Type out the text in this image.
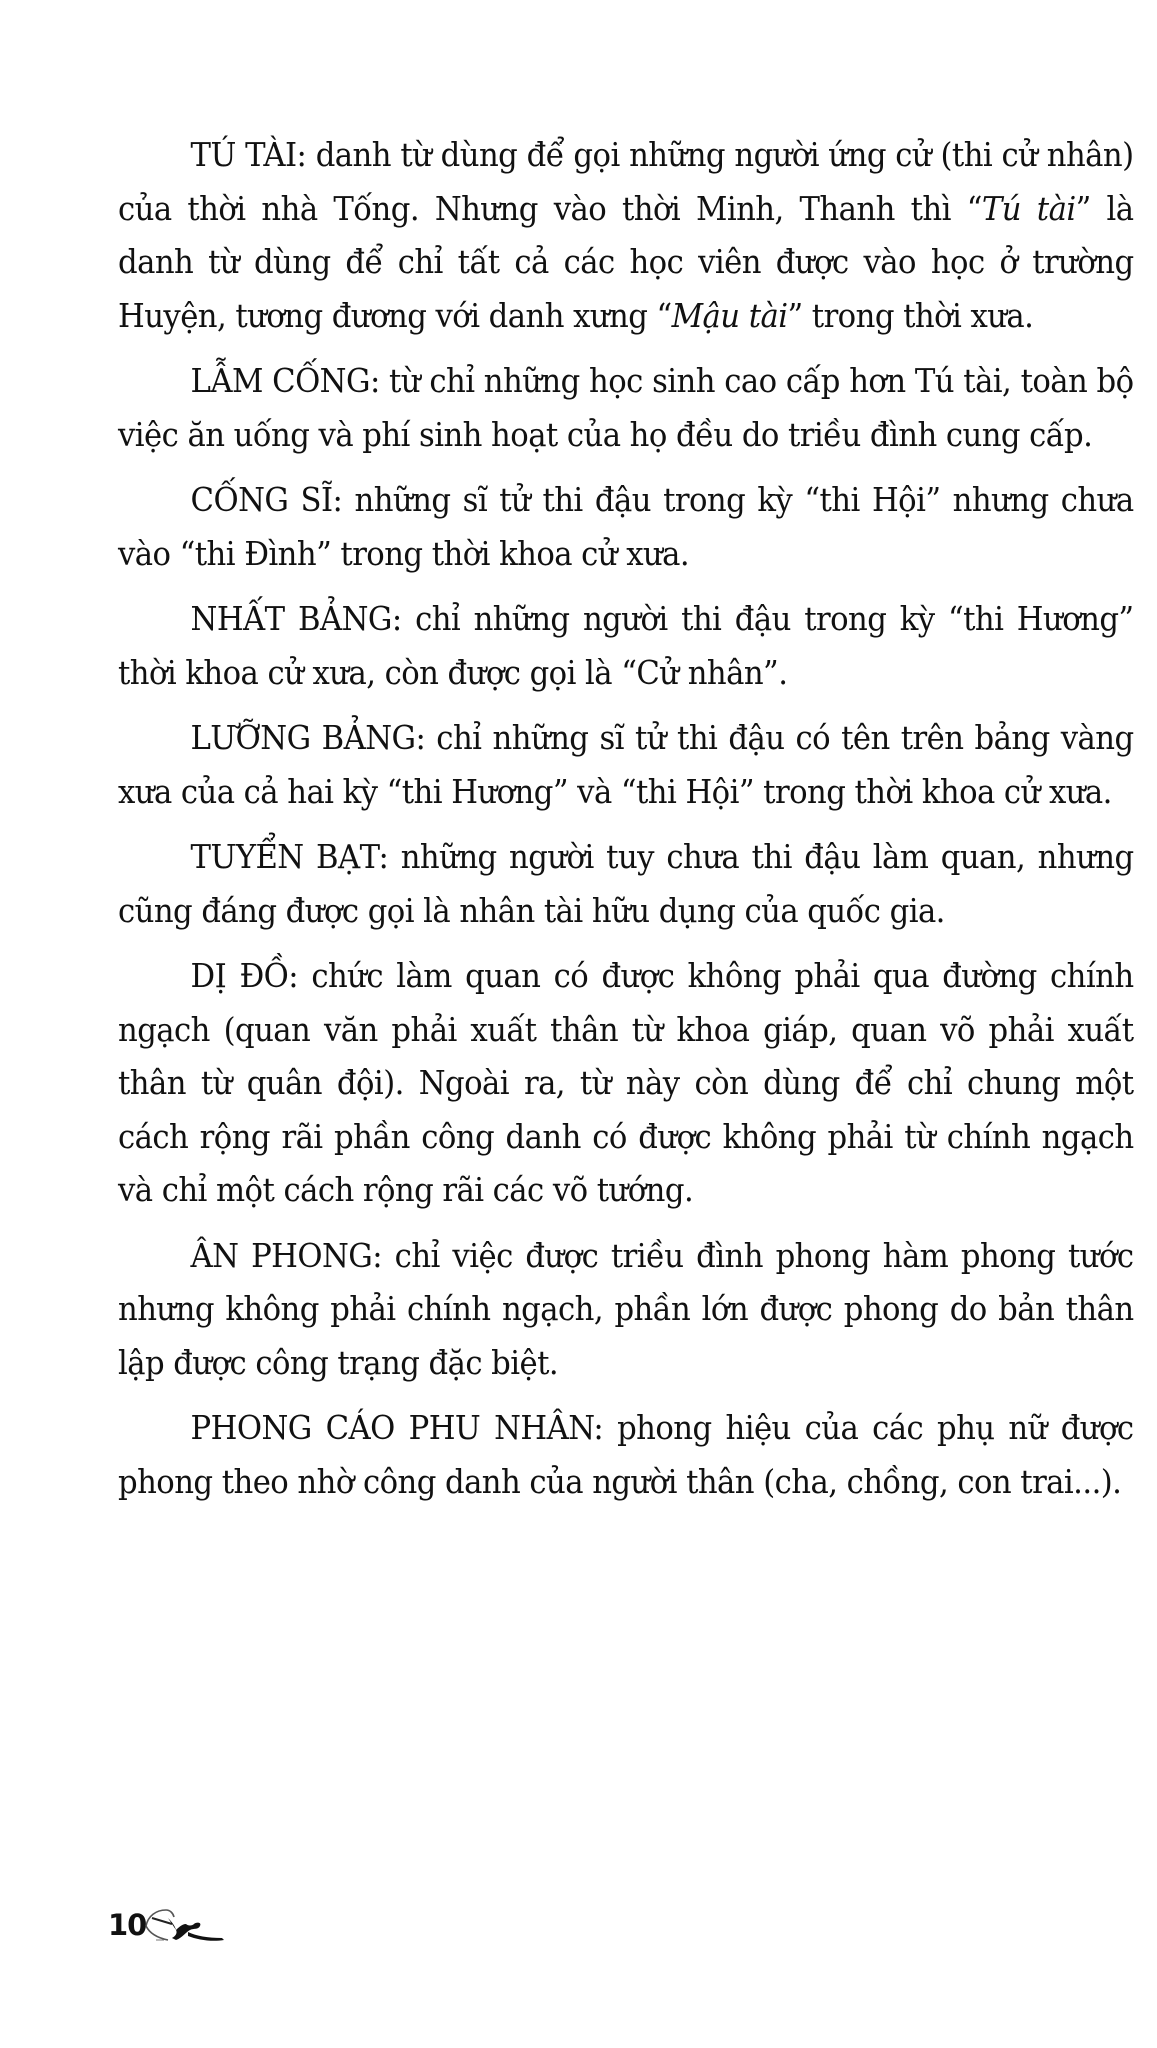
TÚ TÀI: danh từ dùng để gọi những người ứng cử (thi cử nhân) của thời nhà Tống. Nhưng vào thời Minh, Thanh thì “Tú tài” là danh từ dùng để chỉ tất cả các học viên được vào học ở trường Huyện, tương đương với danh xưng “Mậu tài” trong thời xưa.

LẪM CỐNG: từ chỉ những học sinh cao cấp hơn Tú tài, toàn bộ việc ăn uống và phí sinh hoạt của họ đều do triều đình cung cấp.

CỐNG SĨ: những sĩ tử thi đậu trong kỳ “thi Hội” nhưng chưa vào “thi Đình” trong thời khoa cử xưa.

NHẤT BẢNG: chỉ những người thi đậu trong kỳ “thi Hương” thời khoa cử xưa, còn được gọi là “Cử nhân”.

LƯỠNG BẢNG: chỉ những sĩ tử thi đậu có tên trên bảng vàng xưa của cả hai kỳ “thi Hương” và “thi Hội” trong thời khoa cử xưa.

TUYỂN BẠT: những người tuy chưa thi đậu làm quan, nhưng cũng đáng được gọi là nhân tài hữu dụng của quốc gia.

DỊ ĐỒ: chức làm quan có được không phải qua đường chính ngạch (quan văn phải xuất thân từ khoa giáp, quan võ phải xuất thân từ quân đội). Ngoài ra, từ này còn dùng để chỉ chung một cách rộng rãi phần công danh có được không phải từ chính ngạch và chỉ một cách rộng rãi các võ tướng.

ÂN PHONG: chỉ việc được triều đình phong hàm phong tước nhưng không phải chính ngạch, phần lớn được phong do bản thân lập được công trạng đặc biệt.

PHONG CÁO PHU NHÂN: phong hiệu của các phụ nữ được phong theo nhờ công danh của người thân (cha, chồng, con trai...).

10
